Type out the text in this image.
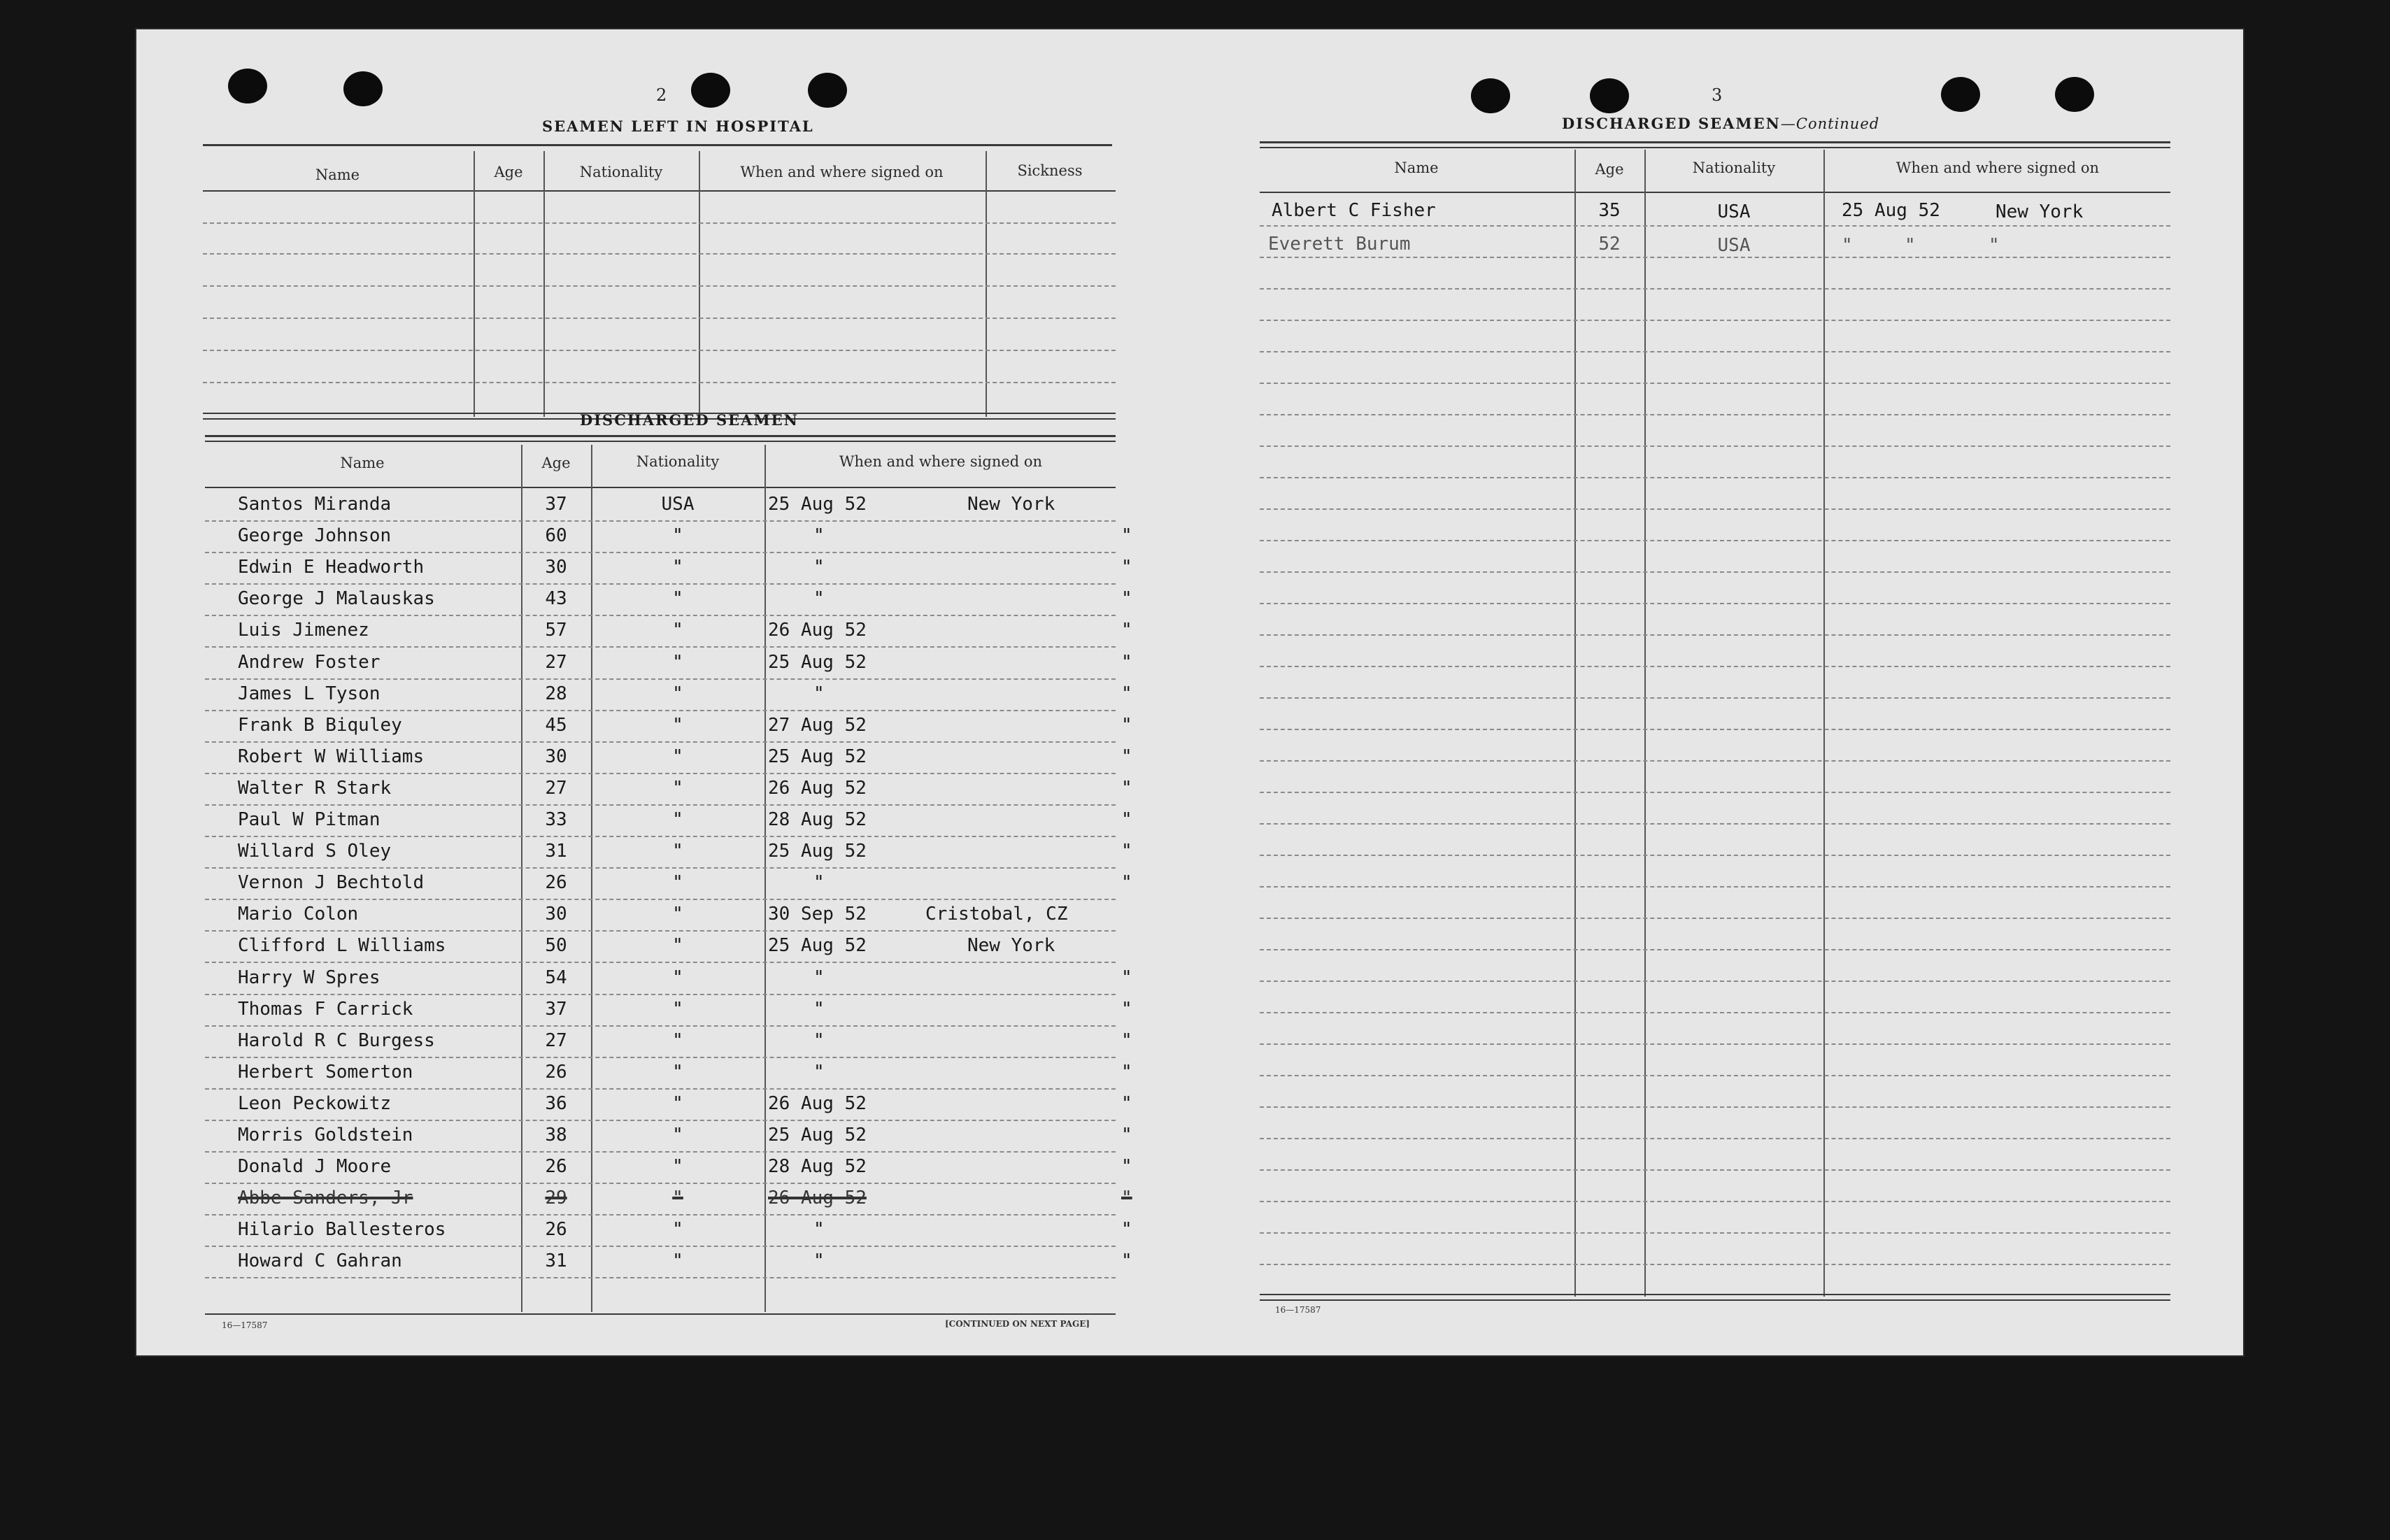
2
SEAMEN LEFT IN HOSPITAL
Name	Age	Nationality	When and where signed on	Sickness
DISCHARGED SEAMEN
Name	Age	Nationality	When and where signed on
Santos Miranda	37	USA	25 Aug 52	New York
George Johnson	60	"	"	"
Edwin E Headworth	30	"	"	"
George J Malauskas	43	"	"	"
Luis Jimenez	57	"	26 Aug 52	"
Andrew Foster	27	"	25 Aug 52	"
James L Tyson	28	"	"	"
Frank B Biquley	45	"	27 Aug 52	"
Robert W Williams	30	"	25 Aug 52	"
Walter R Stark	27	"	26 Aug 52	"
Paul W Pitman	33	"	28 Aug 52	"
Willard S Oley	31	"	25 Aug 52	"
Vernon J Bechtold	26	"	"	"
Mario Colon	30	"	30 Sep 52	Cristobal, CZ
Clifford L Williams	50	"	25 Aug 52	New York
Harry W Spres	54	"	"	"
Thomas F Carrick	37	"	"	"
Harold R C Burgess	27	"	"	"
Herbert Somerton	26	"	"	"
Leon Peckowitz	36	"	26 Aug 52	"
Morris Goldstein	38	"	25 Aug 52	"
Donald J Moore	26	"	28 Aug 52	"
Abbe Sanders, Jr	29	"	26 Aug 52	"
Hilario Ballesteros	26	"	"	"
Howard C Gahran	31	"	"	"
16—17587	[CONTINUED ON NEXT PAGE]
3
DISCHARGED SEAMEN—Continued
Name	Age	Nationality	When and where signed on
Albert C Fisher	35	USA	25 Aug 52	New York
Everett Burum	52	USA	"	"	"
16—17587
